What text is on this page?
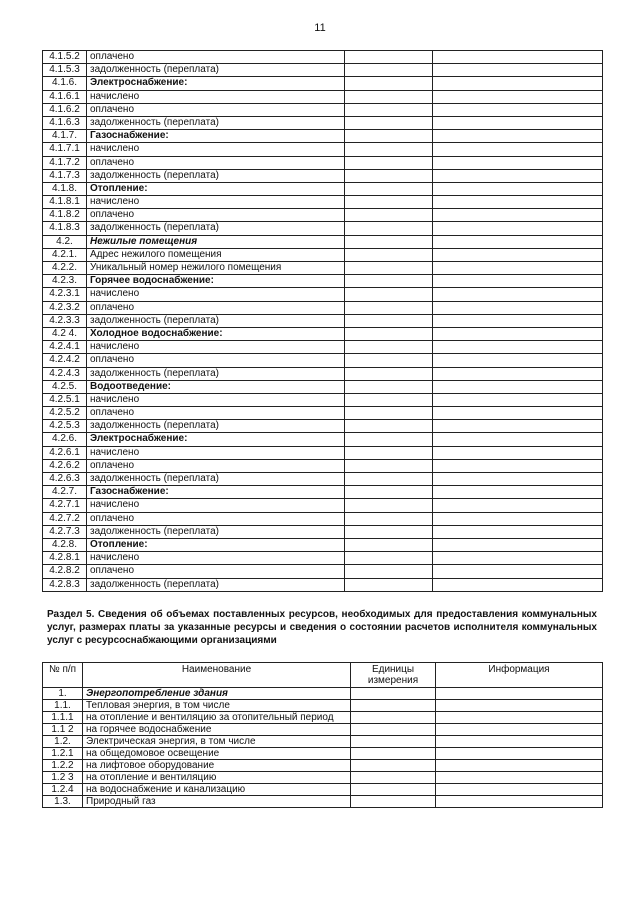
11
4.1.5.2	оплачено		
4.1.5.3	задолженность (переплата)		
4.1.6.	Электроснабжение:		
4.1.6.1	начислено		
4.1.6.2	оплачено		
4.1.6.3	задолженность (переплата)		
4.1.7.	Газоснабжение:		
4.1.7.1	начислено		
4.1.7.2	оплачено		
4.1.7.3	задолженность (переплата)		
4.1.8.	Отопление:		
4.1.8.1	начислено		
4.1.8.2	оплачено		
4.1.8.3	задолженность (переплата)		
4.2.	Нежилые помещения		
4.2.1.	Адрес нежилого помещения		
4.2.2.	Уникальный номер нежилого помещения		
4.2.3.	Горячее водоснабжение:		
4.2.3.1	начислено		
4.2.3.2	оплачено		
4.2.3.3	задолженность (переплата)		
4.2 4.	Холодное водоснабжение:		
4.2.4.1	начислено		
4.2.4.2	оплачено		
4.2.4.3	задолженность (переплата)		
4.2.5.	Водоотведение:		
4.2.5.1	начислено		
4.2.5.2	оплачено		
4.2.5.3	задолженность (переплата)		
4.2.6.	Электроснабжение:		
4.2.6.1	начислено		
4.2.6.2	оплачено		
4.2.6.3	задолженность (переплата)		
4.2.7.	Газоснабжение:		
4.2.7.1	начислено		
4.2.7.2	оплачено		
4.2.7.3	задолженность (переплата)		
4.2.8.	Отопление:		
4.2.8.1	начислено		
4.2.8.2	оплачено		
4.2.8.3	задолженность (переплата)		
Раздел 5. Сведения об объемах поставленных ресурсов, необходимых для предоставления коммунальных услуг, размерах платы за указанные ресурсы и сведения о состоянии расчетов исполнителя коммунальных услуг с ресурсоснабжающими организациями
№ п/п	Наименование	Единицы измерения	Информация
1.	Энергопотребление здания		
1.1.	Тепловая энергия, в том числе		
1.1.1	на отопление и вентиляцию за отопительный период		
1.1 2	на горячее водоснабжение		
1.2.	Электрическая энергия, в том числе		
1.2.1	на общедомовое освещение		
1.2.2	на лифтовое оборудование		
1.2 3	на отопление и вентиляцию		
1.2.4	на водоснабжение и канализацию		
1.3.	Природный газ		
